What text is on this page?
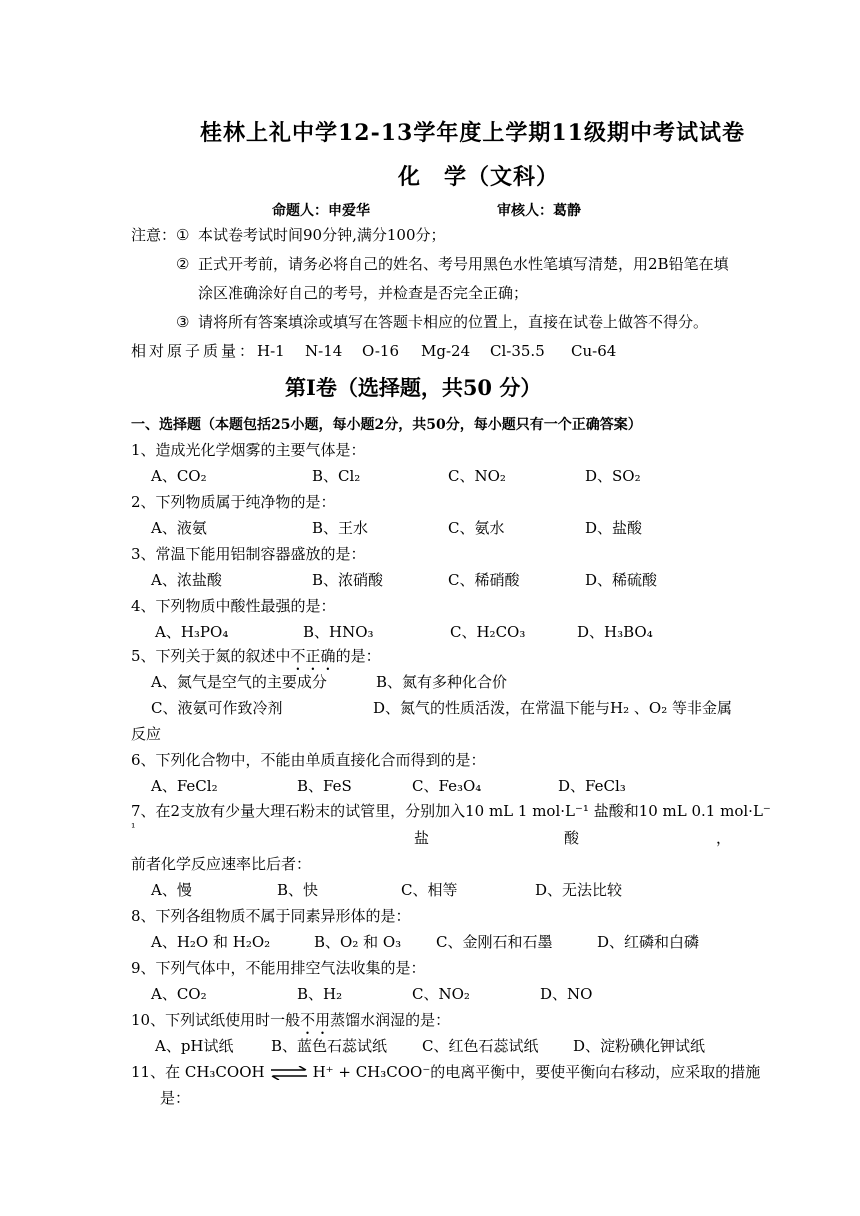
桂林上礼中学12-13学年度上学期11级期中考试试卷
化　学（文科）
命题人：申爱华	审核人：葛静
注意： ① 本试卷考试时间90分钟,满分100分；
② 正式开考前，请务必将自己的姓名、考号用黑色水性笔填写清楚，用2B铅笔在填
涂区准确涂好自己的考号，并检查是否完全正确；
③ 请将所有答案填涂或填写在答题卡相应的位置上，直接在试卷上做答不得分。
相对原子质量： H-1 N-14 O-16 Mg-24 Cl-35.5 Cu-64
第Ⅰ卷（选择题，共50 分）
一、选择题（本题包括25小题，每小题2分，共50分，每小题只有一个正确答案）
1、造成光化学烟雾的主要气体是：
A、CO₂	B、Cl₂	C、NO₂	D、SO₂
2、下列物质属于纯净物的是：
A、液氨	B、王水	C、氨水	D、盐酸
3、常温下能用铝制容器盛放的是：
A、浓盐酸	B、浓硝酸	C、稀硝酸	D、稀硫酸
4、下列物质中酸性最强的是：
A、H₃PO₄	B、HNO₃	C、H₂CO₃	D、H₃BO₄
5、下列关于氮的叙述中不正确的是：
A、氮气是空气的主要成分	B、氮有多种化合价
C、液氨可作致冷剂	D、氮气的性质活泼，在常温下能与H₂ 、O₂ 等非金属
反应
6、下列化合物中，不能由单质直接化合而得到的是：
A、FeCl₂	B、FeS	C、Fe₃O₄	D、FeCl₃
7、在2支放有少量大理石粉末的试管里，分别加入10 mL 1 mol·L⁻¹ 盐酸和10 mL 0.1 mol·L⁻
¹
盐	酸	，
前者化学反应速率比后者：
A、慢	B、快	C、相等	D、无法比较
8、下列各组物质不属于同素异形体的是：
A、H₂O 和 H₂O₂	B、O₂ 和 O₃ C、金刚石和石墨	D、红磷和白磷
9、下列气体中，不能用排空气法收集的是：
A、CO₂	B、H₂	C、NO₂	D、NO
10、下列试纸使用时一般不用蒸馏水润湿的是：
A、pH试纸 B、蓝色石蕊试纸 C、红色石蕊试纸 D、淀粉碘化钾试纸
11、在 CH₃COOH ⇌ H⁺ + CH₃COO⁻的电离平衡中，要使平衡向右移动，应采取的措施
是：
